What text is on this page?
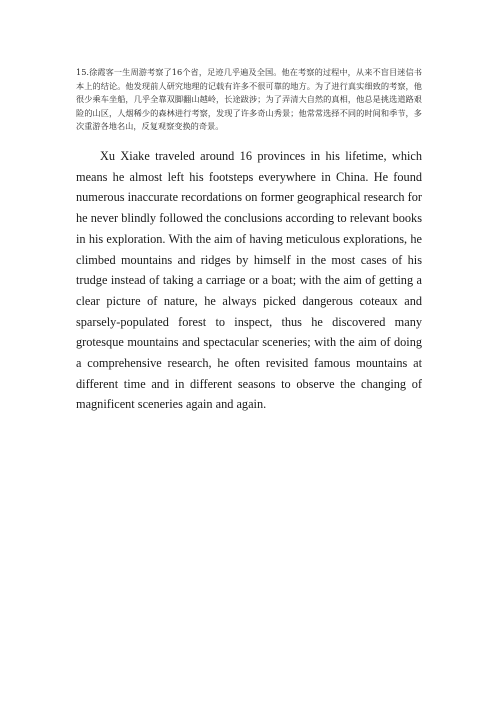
15.徐霞客一生周游考察了16个省，足迹几乎遍及全国。他在考察的过程中，从来不盲目迷信书本上的结论。他发现前人研究地理的记载有许多不很可靠的地方。为了进行真实细致的考察，他很少乘车坐船，几乎全靠双脚翻山越岭，长途跋涉；为了弄清大自然的真相，他总是挑选道路艰险的山区，人烟稀少的森林进行考察，发现了许多奇山秀景；他常常选择不同的时间和季节，多次重游各地名山，反复观察变换的奇景。

Xu Xiake traveled around 16 provinces in his lifetime, which means he almost left his footsteps everywhere in China. He found numerous inaccurate recordations on former geographical research for he never blindly followed the conclusions according to relevant books in his exploration. With the aim of having meticulous explorations, he climbed mountains and ridges by himself in the most cases of his trudge instead of taking a carriage or a boat; with the aim of getting a clear picture of nature, he always picked dangerous coteaux and sparsely-populated forest to inspect, thus he discovered many grotesque mountains and spectacular sceneries; with the aim of doing a comprehensive research, he often revisited famous mountains at different time and in different seasons to observe the changing of magnificent sceneries again and again.
